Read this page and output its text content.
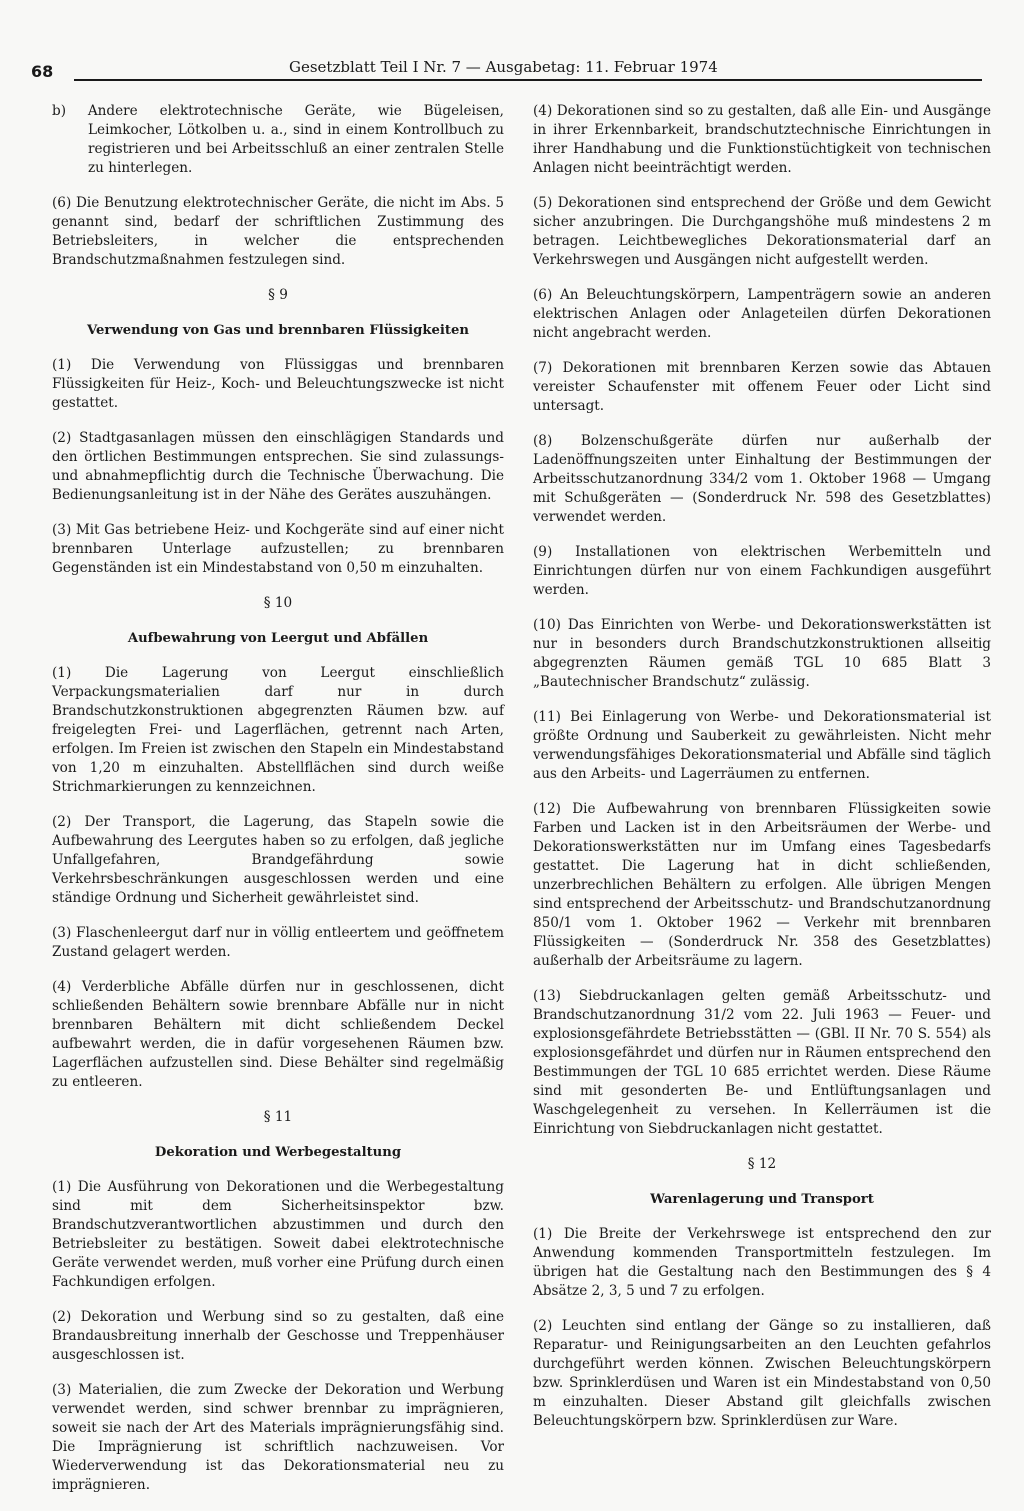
68	Gesetzblatt Teil I Nr. 7 — Ausgabetag: 11. Februar 1974

b) Andere elektrotechnische Geräte, wie Bügeleisen, Leimkocher, Lötkolben u. a., sind in einem Kontrollbuch zu registrieren und bei Arbeitsschluß an einer zentralen Stelle zu hinterlegen.

(6) Die Benutzung elektrotechnischer Geräte, die nicht im Abs. 5 genannt sind, bedarf der schriftlichen Zustimmung des Betriebsleiters, in welcher die entsprechenden Brandschutzmaßnahmen festzulegen sind.

§ 9
Verwendung von Gas und brennbaren Flüssigkeiten

(1) Die Verwendung von Flüssiggas und brennbaren Flüssigkeiten für Heiz-, Koch- und Beleuchtungszwecke ist nicht gestattet.

(2) Stadtgasanlagen müssen den einschlägigen Standards und den örtlichen Bestimmungen entsprechen. Sie sind zulassungs- und abnahmepflichtig durch die Technische Überwachung. Die Bedienungsanleitung ist in der Nähe des Gerätes auszuhängen.

(3) Mit Gas betriebene Heiz- und Kochgeräte sind auf einer nicht brennbaren Unterlage aufzustellen; zu brennbaren Gegenständen ist ein Mindestabstand von 0,50 m einzuhalten.

§ 10
Aufbewahrung von Leergut und Abfällen

(1) Die Lagerung von Leergut einschließlich Verpackungsmaterialien darf nur in durch Brandschutzkonstruktionen abgegrenzten Räumen bzw. auf freigelegten Frei- und Lagerflächen, getrennt nach Arten, erfolgen. Im Freien ist zwischen den Stapeln ein Mindestabstand von 1,20 m einzuhalten. Abstellflächen sind durch weiße Strichmarkierungen zu kennzeichnen.

(2) Der Transport, die Lagerung, das Stapeln sowie die Aufbewahrung des Leergutes haben so zu erfolgen, daß jegliche Unfallgefahren, Brandgefährdung sowie Verkehrsbeschränkungen ausgeschlossen werden und eine ständige Ordnung und Sicherheit gewährleistet sind.

(3) Flaschenleergut darf nur in völlig entleertem und geöffnetem Zustand gelagert werden.

(4) Verderbliche Abfälle dürfen nur in geschlossenen, dicht schließenden Behältern sowie brennbare Abfälle nur in nicht brennbaren Behältern mit dicht schließendem Deckel aufbewahrt werden, die in dafür vorgesehenen Räumen bzw. Lagerflächen aufzustellen sind. Diese Behälter sind regelmäßig zu entleeren.

§ 11
Dekoration und Werbegestaltung

(1) Die Ausführung von Dekorationen und die Werbegestaltung sind mit dem Sicherheitsinspektor bzw. Brandschutzverantwortlichen abzustimmen und durch den Betriebsleiter zu bestätigen. Soweit dabei elektrotechnische Geräte verwendet werden, muß vorher eine Prüfung durch einen Fachkundigen erfolgen.

(2) Dekoration und Werbung sind so zu gestalten, daß eine Brandausbreitung innerhalb der Geschosse und Treppenhäuser ausgeschlossen ist.

(3) Materialien, die zum Zwecke der Dekoration und Werbung verwendet werden, sind schwer brennbar zu imprägnieren, soweit sie nach der Art des Materials imprägnierungsfähig sind. Die Imprägnierung ist schriftlich nachzuweisen. Vor Wiederverwendung ist das Dekorationsmaterial neu zu imprägnieren.

(4) Dekorationen sind so zu gestalten, daß alle Ein- und Ausgänge in ihrer Erkennbarkeit, brandschutztechnische Einrichtungen in ihrer Handhabung und die Funktionstüchtigkeit von technischen Anlagen nicht beeinträchtigt werden.

(5) Dekorationen sind entsprechend der Größe und dem Gewicht sicher anzubringen. Die Durchgangshöhe muß mindestens 2 m betragen. Leichtbewegliches Dekorationsmaterial darf an Verkehrswegen und Ausgängen nicht aufgestellt werden.

(6) An Beleuchtungskörpern, Lampenträgern sowie an anderen elektrischen Anlagen oder Anlageteilen dürfen Dekorationen nicht angebracht werden.

(7) Dekorationen mit brennbaren Kerzen sowie das Abtauen vereister Schaufenster mit offenem Feuer oder Licht sind untersagt.

(8) Bolzenschußgeräte dürfen nur außerhalb der Ladenöffnungszeiten unter Einhaltung der Bestimmungen der Arbeitsschutzanordnung 334/2 vom 1. Oktober 1968 — Umgang mit Schußgeräten — (Sonderdruck Nr. 598 des Gesetzblattes) verwendet werden.

(9) Installationen von elektrischen Werbemitteln und Einrichtungen dürfen nur von einem Fachkundigen ausgeführt werden.

(10) Das Einrichten von Werbe- und Dekorationswerkstätten ist nur in besonders durch Brandschutzkonstruktionen allseitig abgegrenzten Räumen gemäß TGL 10 685 Blatt 3 „Bautechnischer Brandschutz“ zulässig.

(11) Bei Einlagerung von Werbe- und Dekorationsmaterial ist größte Ordnung und Sauberkeit zu gewährleisten. Nicht mehr verwendungsfähiges Dekorationsmaterial und Abfälle sind täglich aus den Arbeits- und Lagerräumen zu entfernen.

(12) Die Aufbewahrung von brennbaren Flüssigkeiten sowie Farben und Lacken ist in den Arbeitsräumen der Werbe- und Dekorationswerkstätten nur im Umfang eines Tagesbedarfs gestattet. Die Lagerung hat in dicht schließenden, unzerbrechlichen Behältern zu erfolgen. Alle übrigen Mengen sind entsprechend der Arbeitsschutz- und Brandschutzanordnung 850/1 vom 1. Oktober 1962 — Verkehr mit brennbaren Flüssigkeiten — (Sonderdruck Nr. 358 des Gesetzblattes) außerhalb der Arbeitsräume zu lagern.

(13) Siebdruckanlagen gelten gemäß Arbeitsschutz- und Brandschutzanordnung 31/2 vom 22. Juli 1963 — Feuer- und explosionsgefährdete Betriebsstätten — (GBl. II Nr. 70 S. 554) als explosionsgefährdet und dürfen nur in Räumen entsprechend den Bestimmungen der TGL 10 685 errichtet werden. Diese Räume sind mit gesonderten Be- und Entlüftungsanlagen und Waschgelegenheit zu versehen. In Kellerräumen ist die Einrichtung von Siebdruckanlagen nicht gestattet.

§ 12
Warenlagerung und Transport

(1) Die Breite der Verkehrswege ist entsprechend den zur Anwendung kommenden Transportmitteln festzulegen. Im übrigen hat die Gestaltung nach den Bestimmungen des § 4 Absätze 2, 3, 5 und 7 zu erfolgen.

(2) Leuchten sind entlang der Gänge so zu installieren, daß Reparatur- und Reinigungsarbeiten an den Leuchten gefahrlos durchgeführt werden können. Zwischen Beleuchtungskörpern bzw. Sprinklerdüsen und Waren ist ein Mindestabstand von 0,50 m einzuhalten. Dieser Abstand gilt gleichfalls zwischen Beleuchtungskörpern bzw. Sprinklerdüsen zur Ware.
